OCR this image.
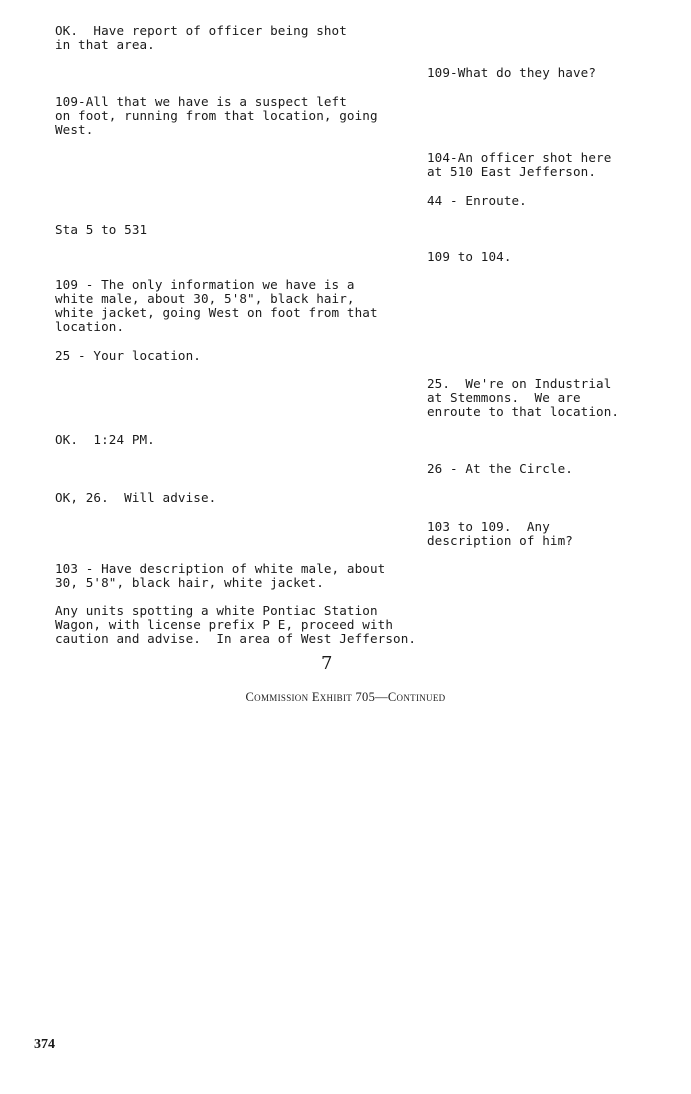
OK.  Have report of officer being shot
in that area.

109-What do they have?

109-All that we have is a suspect left
on foot, running from that location, going
West.

104-An officer shot here
at 510 East Jefferson.

44 - Enroute.

Sta 5 to 531

109 to 104.

109 - The only information we have is a
white male, about 30, 5'8", black hair,
white jacket, going West on foot from that
location.

25 - Your location.

25.  We're on Industrial
at Stemmons.  We are
enroute to that location.

OK.  1:24 PM.

26 - At the Circle.

OK, 26.  Will advise.

103 to 109.  Any
description of him?

103 - Have description of white male, about
30, 5'8", black hair, white jacket.

Any units spotting a white Pontiac Station
Wagon, with license prefix P E, proceed with
caution and advise.  In area of West Jefferson.

7

Commission Exhibit 705—Continued

374
